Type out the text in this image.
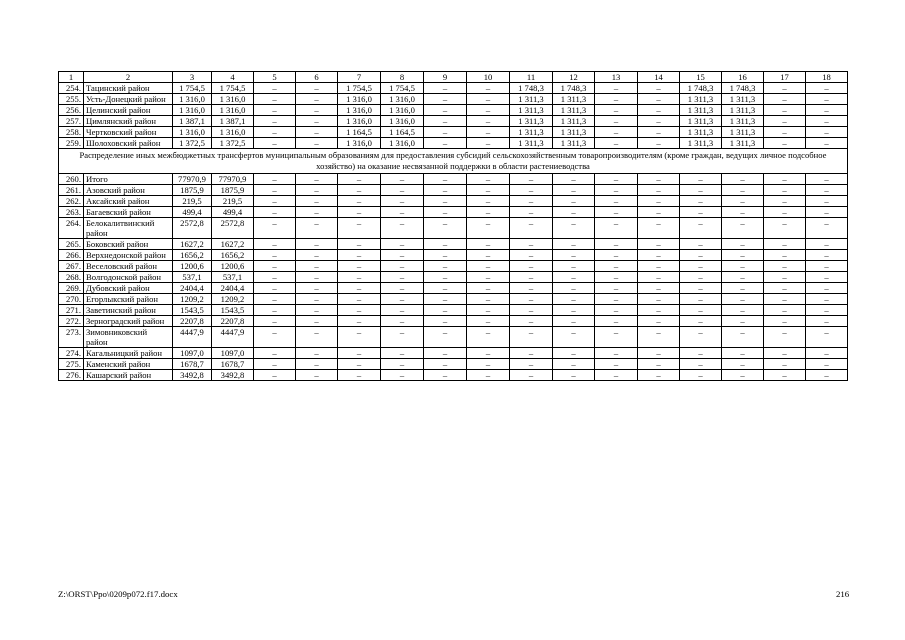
1	2	3	4	5	6	7	8	9	10	11	12	13	14	15	16	17	18
254.	Тацинский район	1 754,5	1 754,5	–	–	1 754,5	1 754,5	–	–	1 748,3	1 748,3	–	–	1 748,3	1 748,3	–	–
255.	Усть-Донецкий район	1 316,0	1 316,0	–	–	1 316,0	1 316,0	–	–	1 311,3	1 311,3	–	–	1 311,3	1 311,3	–	–
256.	Целинский район	1 316,0	1 316,0	–	–	1 316,0	1 316,0	–	–	1 311,3	1 311,3	–	–	1 311,3	1 311,3	–	–
257.	Цимлянский район	1 387,1	1 387,1	–	–	1 316,0	1 316,0	–	–	1 311,3	1 311,3	–	–	1 311,3	1 311,3	–	–
258.	Чертковский район	1 316,0	1 316,0	–	–	1 164,5	1 164,5	–	–	1 311,3	1 311,3	–	–	1 311,3	1 311,3	–	–
259.	Шолоховский район	1 372,5	1 372,5	–	–	1 316,0	1 316,0	–	–	1 311,3	1 311,3	–	–	1 311,3	1 311,3	–	–
Распределение иных межбюджетных трансфертов муниципальным образованиям для предоставления субсидий сельскохозяйственным товаропроизводителям (кроме граждан, ведущих личное подсобное хозяйство) на оказание несвязанной поддержки в области растениеводства																	
260.	Итого	77970,9	77970,9	–	–	–	–	–	–	–	–	–	–	–	–	–	–
261.	Азовский район	1875,9	1875,9	–	–	–	–	–	–	–	–	–	–	–	–	–	–
262.	Аксайский район	219,5	219,5	–	–	–	–	–	–	–	–	–	–	–	–	–	–
263.	Багаевский район	499,4	499,4	–	–	–	–	–	–	–	–	–	–	–	–	–	–
264.	Белокалитвинский район	2572,8	2572,8	–	–	–	–	–	–	–	–	–	–	–	–	–	–
265.	Боковский район	1627,2	1627,2	–	–	–	–	–	–	–	–	–	–	–	–	–	–
266.	Верхнедонской район	1656,2	1656,2	–	–	–	–	–	–	–	–	–	–	–	–	–	–
267.	Веселовский район	1200,6	1200,6	–	–	–	–	–	–	–	–	–	–	–	–	–	–
268.	Волгодонской район	537,1	537,1	–	–	–	–	–	–	–	–	–	–	–	–	–	–
269.	Дубовский район	2404,4	2404,4	–	–	–	–	–	–	–	–	–	–	–	–	–	–
270.	Егорлыкский район	1209,2	1209,2	–	–	–	–	–	–	–	–	–	–	–	–	–	–
271.	Заветинский район	1543,5	1543,5	–	–	–	–	–	–	–	–	–	–	–	–	–	–
272.	Зерноградский район	2207,8	2207,8	–	–	–	–	–	–	–	–	–	–	–	–	–	–
273.	Зимовниковский район	4447,9	4447,9	–	–	–	–	–	–	–	–	–	–	–	–	–	–
274.	Кагальницкий район	1097,0	1097,0	–	–	–	–	–	–	–	–	–	–	–	–	–	–
275.	Каменский район	1678,7	1678,7	–	–	–	–	–	–	–	–	–	–	–	–	–	–
276.	Кашарский район	3492,8	3492,8	–	–	–	–	–	–	–	–	–	–	–	–	–	–
Z:\ORST\Ppo\0209p072.f17.docx	216
